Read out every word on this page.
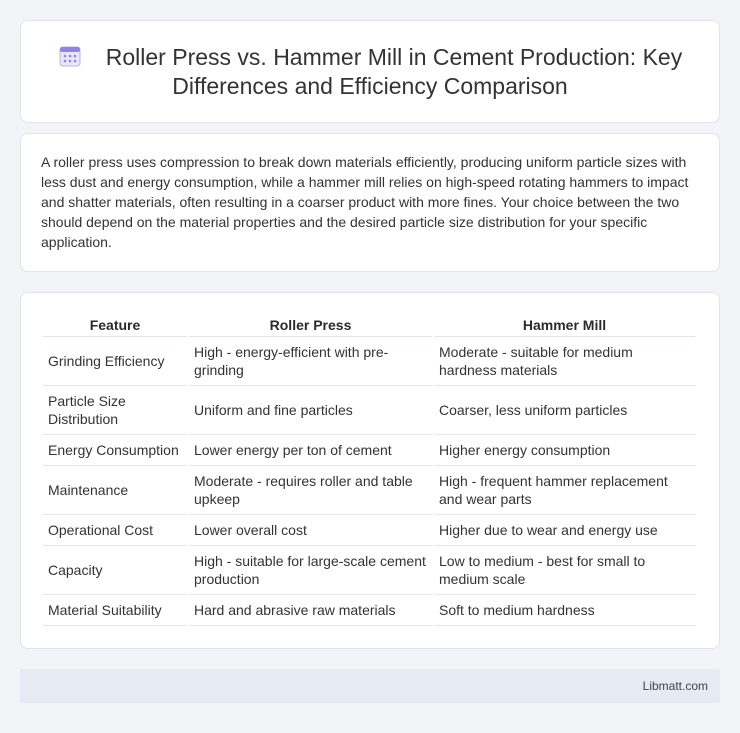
Roller Press vs. Hammer Mill in Cement Production: Key Differences and Efficiency Comparison

A roller press uses compression to break down materials efficiently, producing uniform particle sizes with less dust and energy consumption, while a hammer mill relies on high-speed rotating hammers to impact and shatter materials, often resulting in a coarser product with more fines. Your choice between the two should depend on the material properties and the desired particle size distribution for your specific application.

Feature	Roller Press	Hammer Mill
Grinding Efficiency	High - energy-efficient with pre-grinding	Moderate - suitable for medium hardness materials
Particle Size Distribution	Uniform and fine particles	Coarser, less uniform particles
Energy Consumption	Lower energy per ton of cement	Higher energy consumption
Maintenance	Moderate - requires roller and table upkeep	High - frequent hammer replacement and wear parts
Operational Cost	Lower overall cost	Higher due to wear and energy use
Capacity	High - suitable for large-scale cement production	Low to medium - best for small to medium scale
Material Suitability	Hard and abrasive raw materials	Soft to medium hardness
Libmatt.com
